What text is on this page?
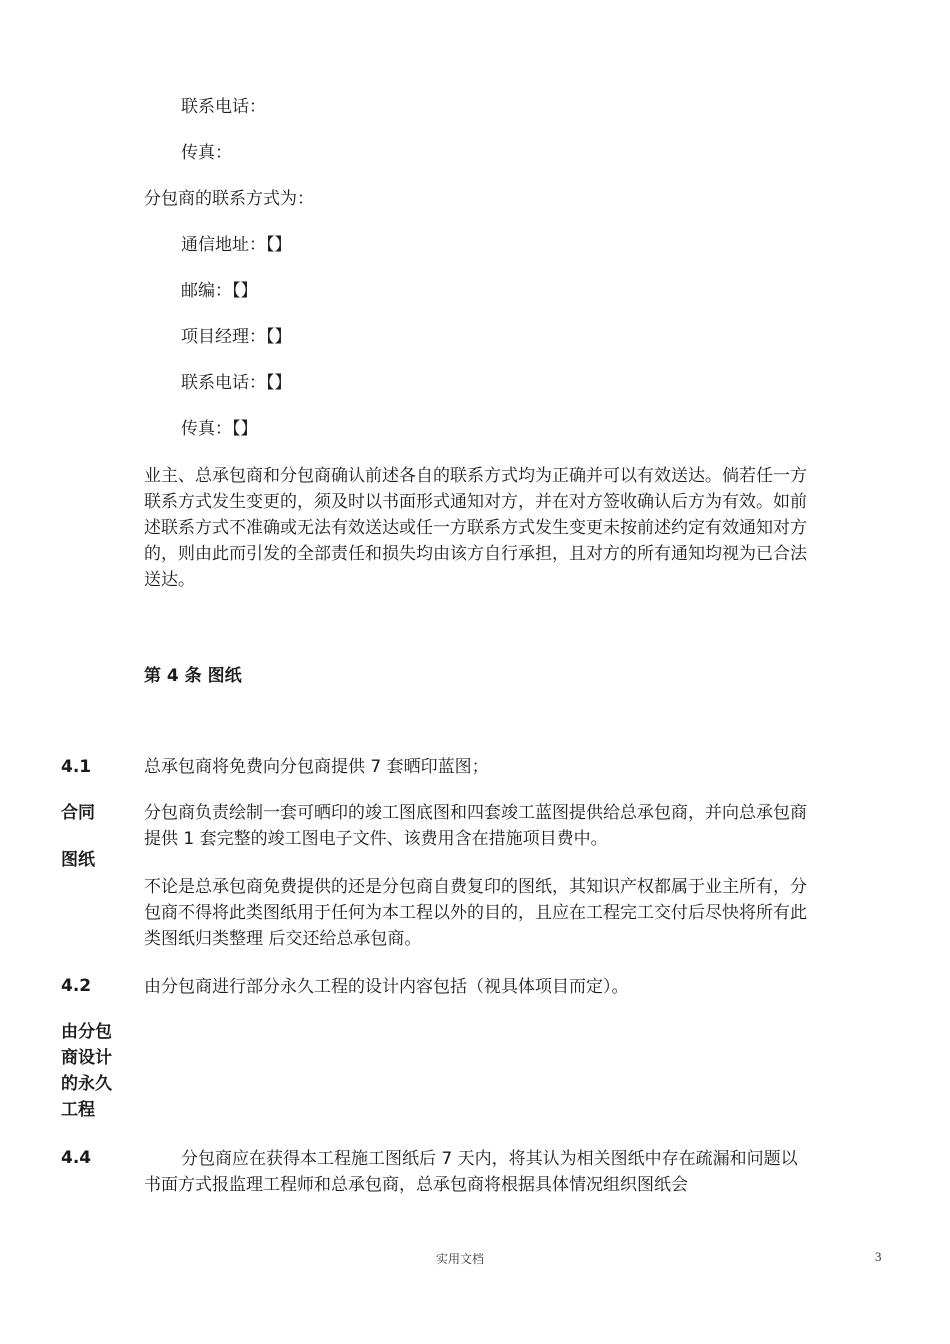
联系电话：
传真：
分包商的联系方式为：
通信地址：【】
邮编：【】
项目经理：【】
联系电话：【】
传真：【】
业主、总承包商和分包商确认前述各自的联系方式均为正确并可以有效送达。倘若任一方联系方式发生变更的，须及时以书面形式通知对方，并在对方签收确认后方为有效。如前述联系方式不准确或无法有效送达或任一方联系方式发生变更未按前述约定有效通知对方的，则由此而引发的全部责任和损失均由该方自行承担，且对方的所有通知均视为已合法送达。
第 4 条 图纸
4.1	总承包商将免费向分包商提供 7 套晒印蓝图；
合同
图纸
分包商负责绘制一套可晒印的竣工图底图和四套竣工蓝图提供给总承包商，并向总承包商提供 1 套完整的竣工图电子文件、该费用含在措施项目费中。
不论是总承包商免费提供的还是分包商自费复印的图纸，其知识产权都属于业主所有，分包商不得将此类图纸用于任何为本工程以外的目的，且应在工程完工交付后尽快将所有此类图纸归类整理 后交还给总承包商。
4.2	由分包商进行部分永久工程的设计内容包括（视具体项目而定）。
由分包商设计的永久工程
4.4	分包商应在获得本工程施工图纸后 7 天内，将其认为相关图纸中存在疏漏和问题以书面方式报监理工程师和总承包商，总承包商将根据具体情况组织图纸会
实用文档	3
